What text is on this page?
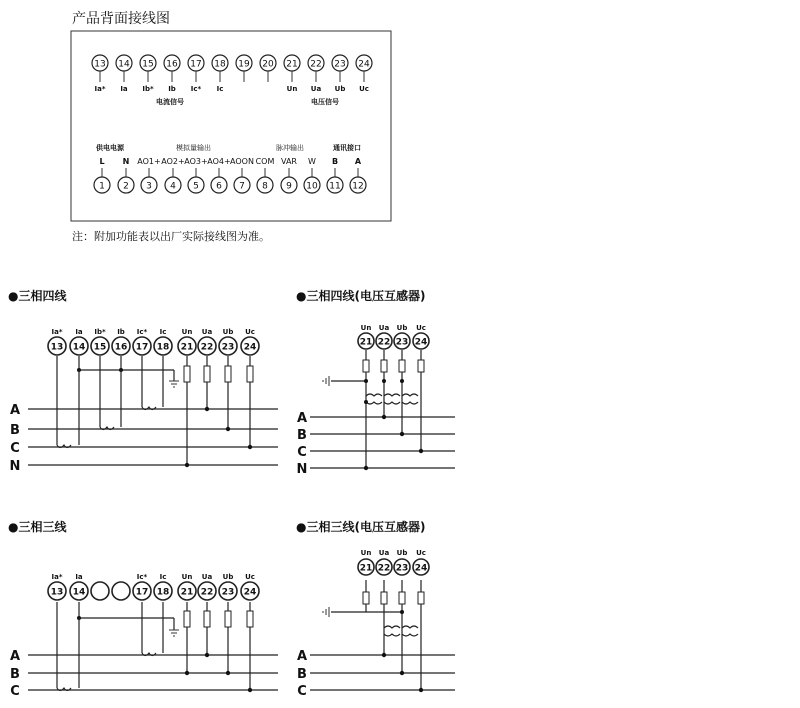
产品背面接线图
13
Ia*
14
Ia
15
Ib*
16
Ib
17
Ic*
18
Ic
19 20 21
Un
22
Ua
23
Ub
24
Uc
L
1
N
2
AO1+
3
AO2+
4
AO3+
5
AO4+
6
AOON
7
COM
8
VAR
9
W
10
B
11
A
12
电流信号	电压信号
供电电源	模拟量输出	脉冲输出	通讯接口
注：附加功能表以出厂实际接线图为准。
●三相四线	●三相四线(电压互感器)
●三相三线	●三相三线(电压互感器)
13
Ia*
14
Ia
15
Ib*
16
Ib
17
Ic*
18
Ic
21
Un
22
Ua
23
Ub
24
Uc
A
B
C
N
21
Un
22
Ua
23
Ub
24
Uc
A
B
C
N
13
Ia*
14
Ia
17
Ic*
18
Ic
21
Un
22
Ua
23
Ub
24
Uc
A
B
C
21
Un
22
Ua
23
Ub
24
Uc
A
B
C
